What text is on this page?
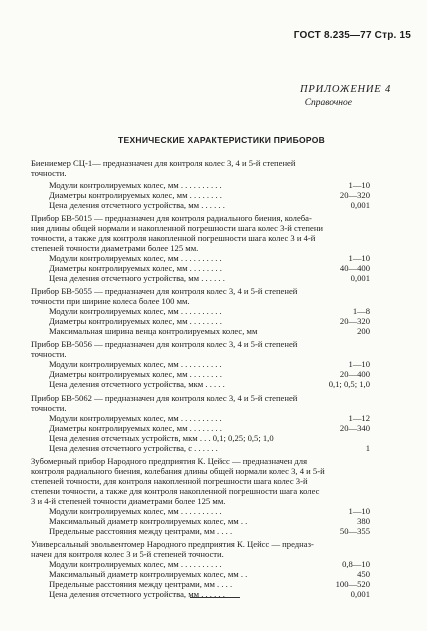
ГОСТ 8.235—77 Стр. 15
ПРИЛОЖЕНИЕ 4
Справочное
ТЕХНИЧЕСКИЕ ХАРАКТЕРИСТИКИ ПРИБОРОВ
Биениемер СЦ-1— предназначен для контроля колес 3, 4 и 5-й степеней
точности.
Модули контролируемых колес, мм . . . . . . . . . .	1—10
Диаметры контролируемых колес, мм . . . . . . . .	20—320
Цена деления отсчетного устройства, мм . . . . . .	0,001
Прибор БВ-5015 — предназначен для контроля радиального биения, колеба-
ния длины общей нормали и накопленной погрешности шага колес 3-й степени
точности, а также для контроля накопленной погрешности шага колес 3 и 4-й
степеней точности диаметрами более 125 мм.
Модули контролируемых колес, мм . . . . . . . . . .	1—10
Диаметры контролируемых колес, мм . . . . . . . .	40—400
Цена деления отсчетного устройства, мм . . . . . .	0,001
Прибор БВ-5055 — предназначен для контроля колес 3, 4 и 5-й степеней
точности при ширине колеса более 100 мм.
Модули контролируемых колес, мм . . . . . . . . . .	1—8
Диаметры контролируемых колес, мм . . . . . . . .	20—320
Максимальная ширина венца контролируемых колес, мм	200
Прибор БВ-5056 — предназначен для контроля колес 3, 4 и 5-й степеней
точности.
Модули контролируемых колес, мм . . . . . . . . . .	1—10
Диаметры контролируемых колес, мм . . . . . . . .	20—400
Цена деления отсчетного устройства, мкм . . . . .	0,1; 0,5; 1,0
Прибор БВ-5062 — предназначен для контроля колес 3, 4 и 5-й степеней
точности.
Модули контролируемых колес, мм . . . . . . . . . .	1—12
Диаметры контролируемых колес, мм . . . . . . . .	20—340
Цена деления отсчетных устройств, мкм . . . 0,1; 0,25; 0,5; 1,0
Цена деления отсчетного устройства, с . . . . . .	1
Зубомерный прибор Народного предприятия К. Цейсс — предназначен для
контроля радиального биения, колебания длины общей нормали колес 3, 4 и 5-й
степеней точности, для контроля накопленной погрешности шага колес 3-й
степени точности, а также для контроля накопленной погрешности шага колес
3 и 4-й степеней точности диаметрами более 125 мм.
Модули контролируемых колес, мм . . . . . . . . . .	1—10
Максимальный диаметр контролируемых колес, мм . .	380
Предельные расстояния между центрами, мм . . . .	50—355
Универсальный эвольвентомер Народного предприятия К. Цейсс — предназ-
начен для контроля колес 3 и 5-й степеней точности.
Модули контролируемых колес, мм . . . . . . . . . .	0,8—10
Максимальный диаметр контролируемых колес, мм . .	450
Предельные расстояния между центрами, мм . . . .	100—520
Цена деления отсчетного устройства, мм . . . . . .	0,001
